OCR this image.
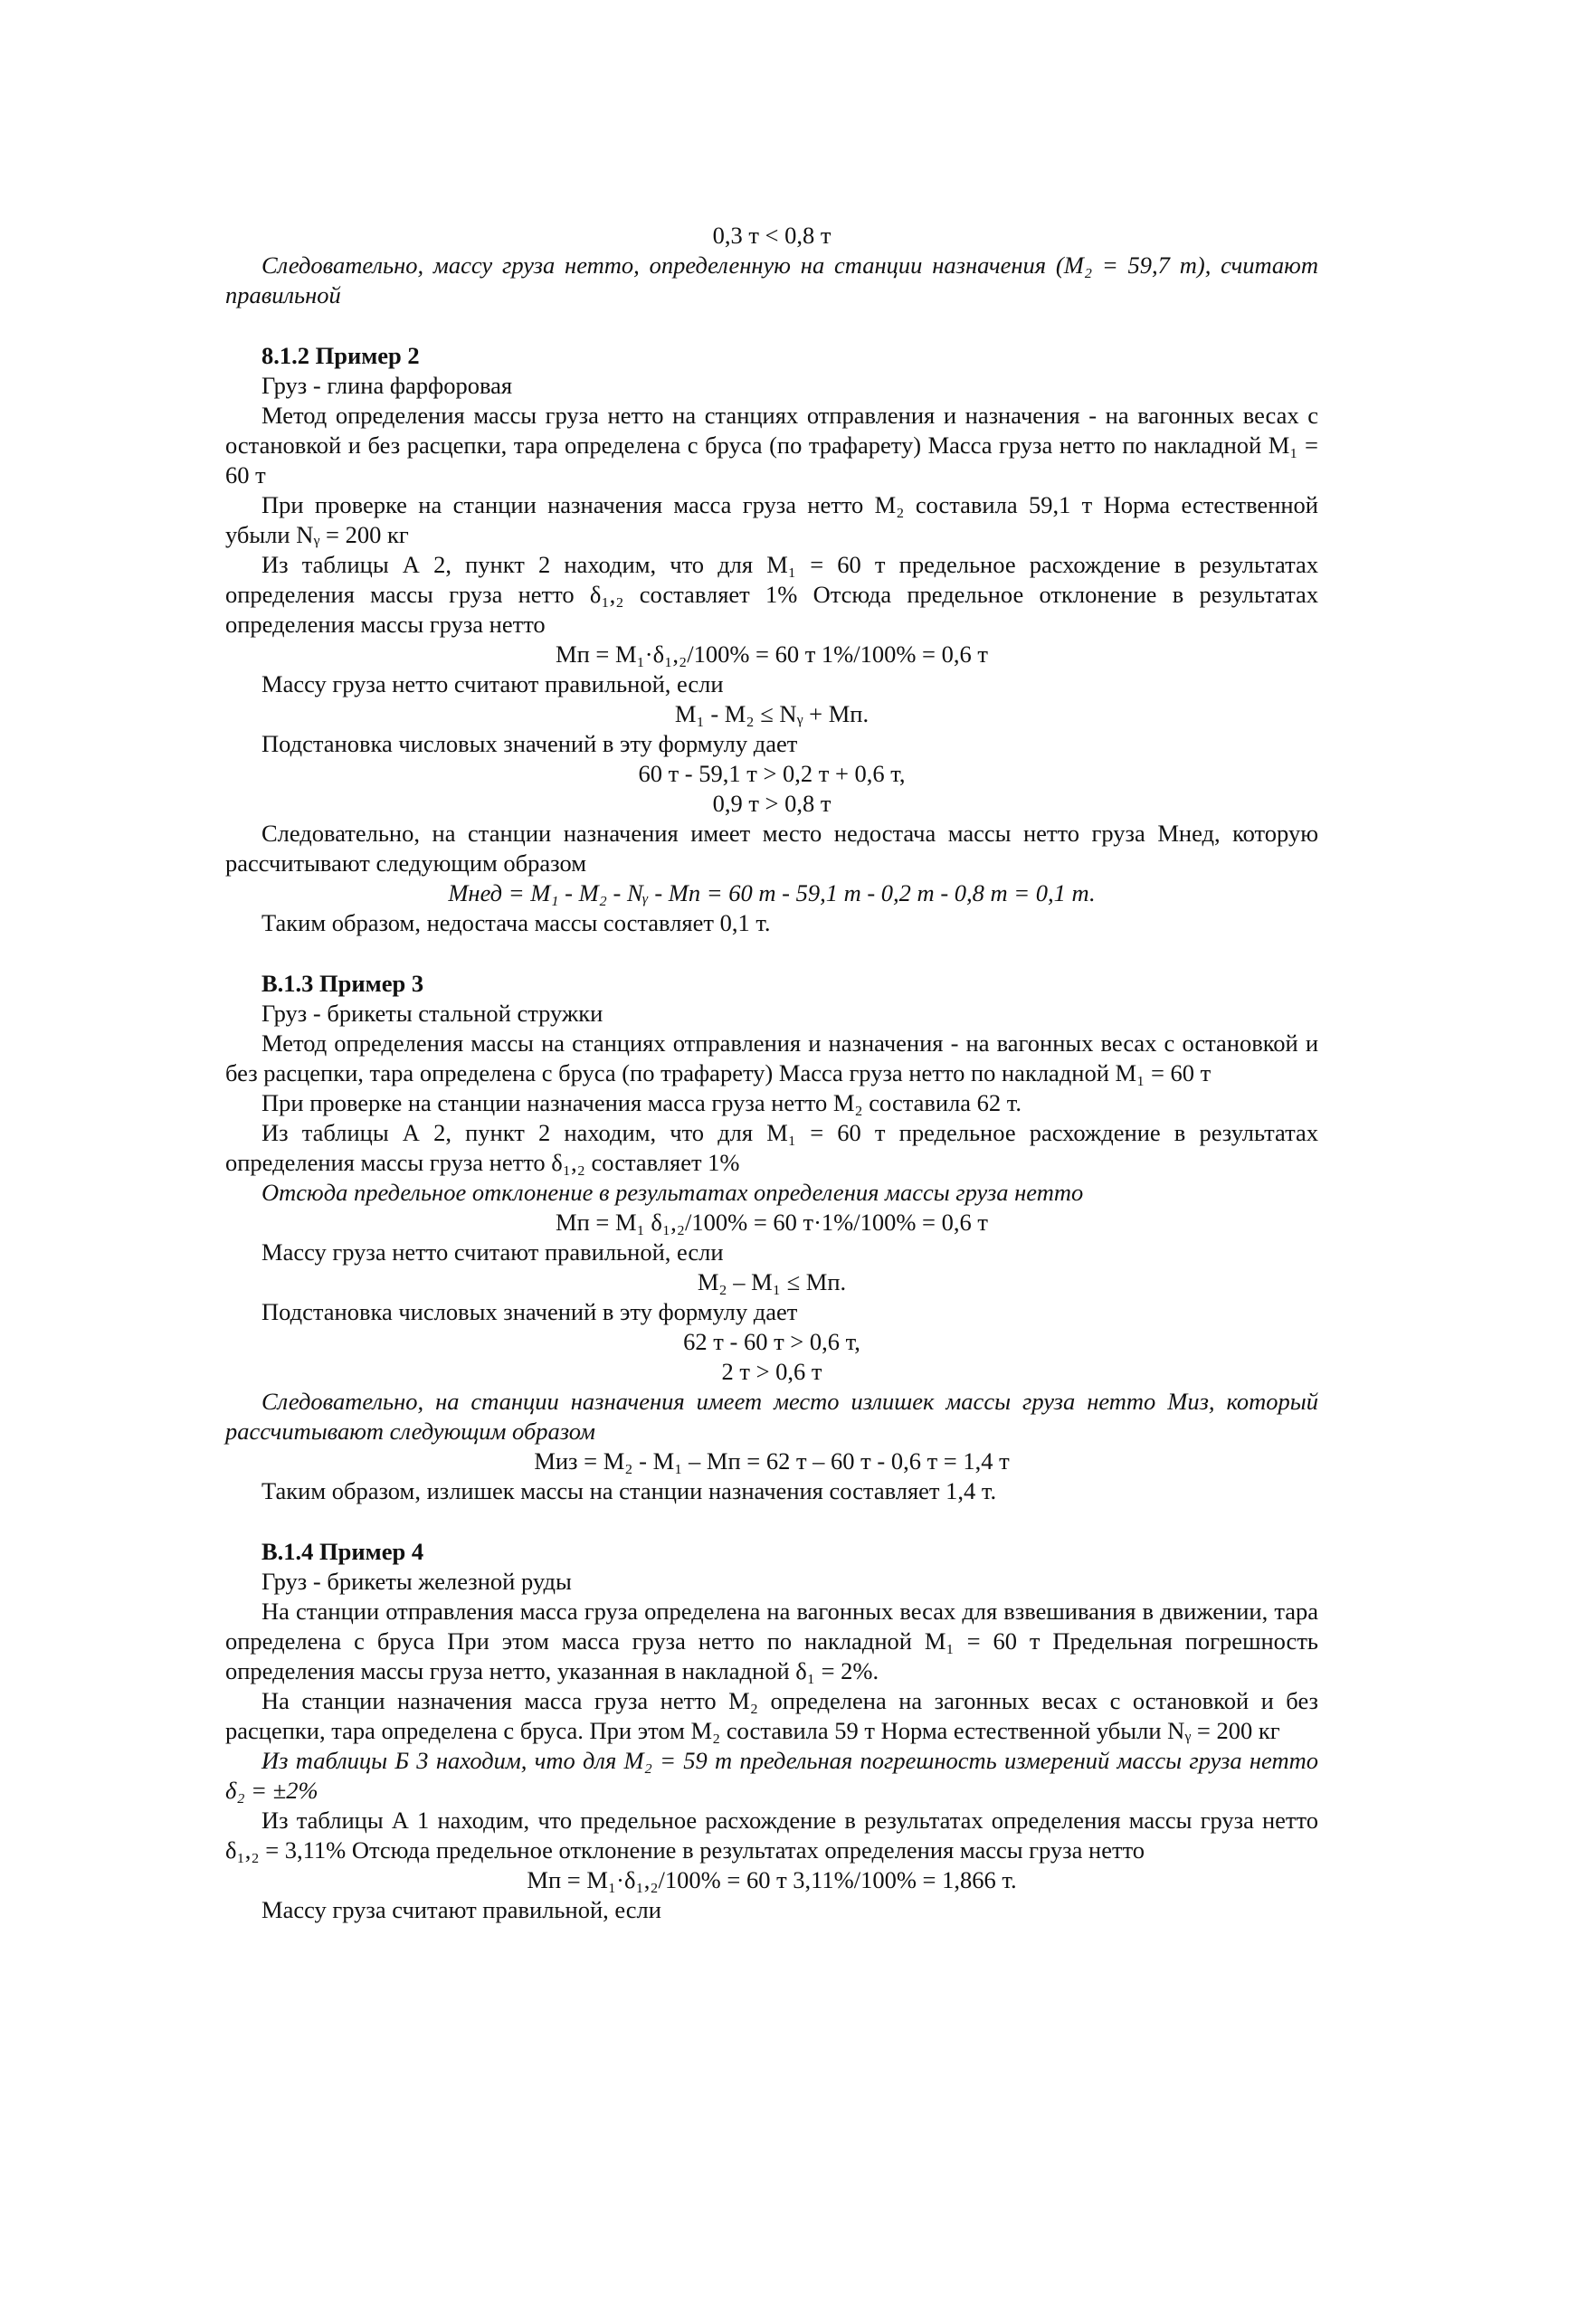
0,3 т < 0,8 т

Следовательно, массу груза нетто, определенную на станции назначения (M₂ = 59,7 т), считают правильной

8.1.2 Пример 2

Груз - глина фарфоровая

Метод определения массы груза нетто на станциях отправления и назначения - на вагонных весах с остановкой и без расцепки, тара определена с бруса (по трафарету) Масса груза нетто по накладной M₁ = 60 т

При проверке на станции назначения масса груза нетто M₂ составила 59,1 т Норма естественной убыли Nᵧ = 200 кг

Из таблицы А 2, пункт 2 находим, что для M₁ = 60 т предельное расхождение в результатах определения массы груза нетто δ₁,₂ составляет 1% Отсюда предельное отклонение в результатах определения массы груза нетто

Mп = M₁·δ₁,₂/100% = 60 т 1%/100% = 0,6 т

Массу груза нетто считают правильной, если

M₁ - M₂ ≤ Nᵧ + Mп.

Подстановка числовых значений в эту формулу дает

60 т - 59,1 т > 0,2 т + 0,6 т,

0,9 т > 0,8 т

Следовательно, на станции назначения имеет место недостача массы нетто груза Mнед, которую рассчитывают следующим образом

Mнед = M₁ - M₂ - Nᵧ - Mп = 60 т - 59,1 т - 0,2 т - 0,8 т = 0,1 т.

Таким образом, недостача массы составляет 0,1 т.

В.1.3 Пример 3

Груз - брикеты стальной стружки

Метод определения массы на станциях отправления и назначения - на вагонных весах с остановкой и без расцепки, тара определена с бруса (по трафарету) Масса груза нетто по накладной M₁ = 60 т

При проверке на станции назначения масса груза нетто M₂ составила 62 т.

Из таблицы А 2, пункт 2 находим, что для M₁ = 60 т предельное расхождение в результатах определения массы груза нетто δ₁,₂ составляет 1%

Отсюда предельное отклонение в результатах определения массы груза нетто

Mп = M₁ δ₁,₂/100% = 60 т·1%/100% = 0,6 т

Массу груза нетто считают правильной, если

M₂ – M₁ ≤ Mп.

Подстановка числовых значений в эту формулу дает

62 т - 60 т > 0,6 т,

2 т > 0,6 т

Следовательно, на станции назначения имеет место излишек массы груза нетто Mиз, который рассчитывают следующим образом

Mиз = M₂ - M₁ – Mп = 62 т – 60 т - 0,6 т = 1,4 т

Таким образом, излишек массы на станции назначения составляет 1,4 т.

В.1.4 Пример 4

Груз - брикеты железной руды

На станции отправления масса груза определена на вагонных весах для взвешивания в движении, тара определена с бруса При этом масса груза нетто по накладной M₁ = 60 т Предельная погрешность определения массы груза нетто, указанная в накладной δ₁ = 2%.

На станции назначения масса груза нетто M₂ определена на загонных весах с остановкой и без расцепки, тара определена с бруса. При этом M₂ составила 59 т Норма естественной убыли Nᵧ = 200 кг

Из таблицы Б 3 находим, что для M₂ = 59 т предельная погрешность измерений массы груза нетто δ₂ = ±2%

Из таблицы А 1 находим, что предельное расхождение в результатах определения массы груза нетто δ₁,₂ = 3,11% Отсюда предельное отклонение в результатах определения массы груза нетто

Mп = M₁·δ₁,₂/100% = 60 т 3,11%/100% = 1,866 т.

Массу груза считают правильной, если
